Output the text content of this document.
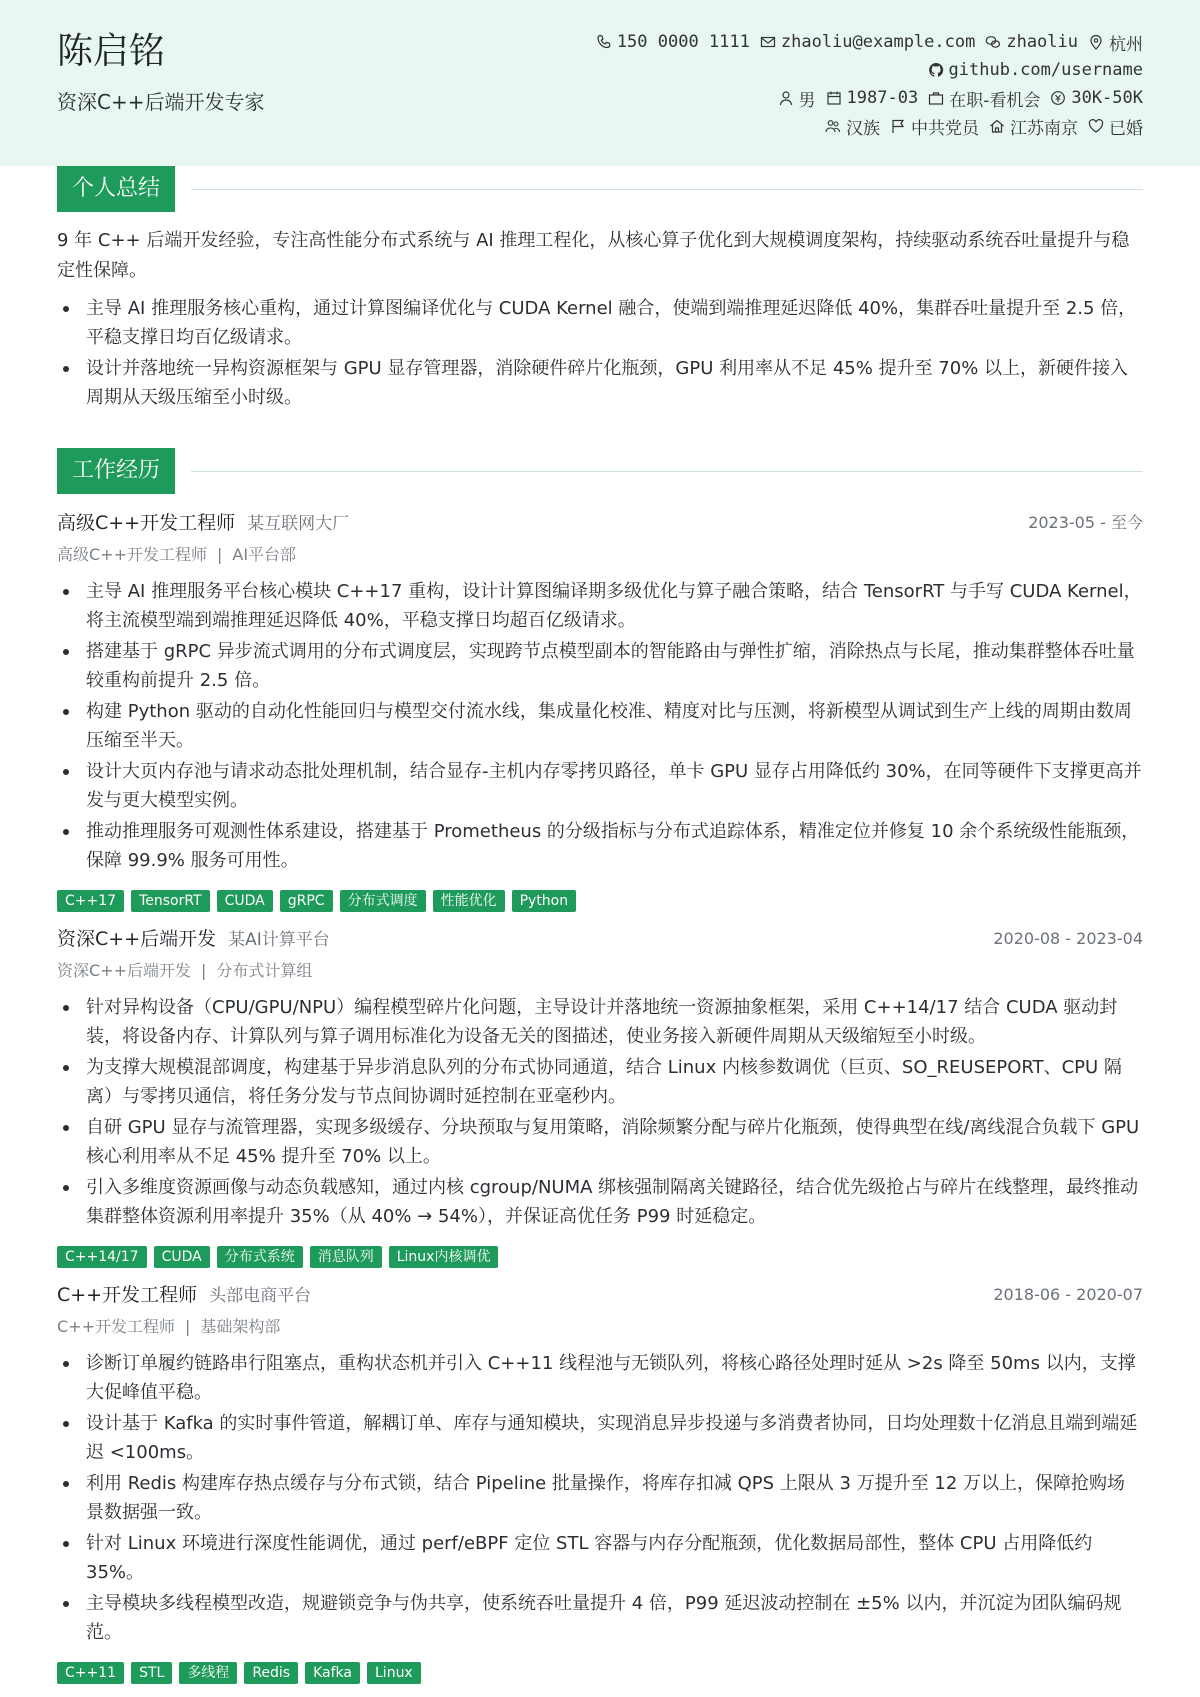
陈启铭
资深C++后端开发专家
150 0000 1111 zhaoliu@example.com zhaoliu 杭州
github.com/username
男 1987-03 在职-看机会 30K-50K
汉族 中共党员 江苏南京 已婚
个人总结
9 年 C++ 后端开发经验，专注高性能分布式系统与 AI 推理工程化，从核心算子优化到大规模调度架构，持续驱动系统吞吐量提升与稳定性保障。
主导 AI 推理服务核心重构，通过计算图编译优化与 CUDA Kernel 融合，使端到端推理延迟降低 40%，集群吞吐量提升至 2.5 倍，平稳支撑日均百亿级请求。
设计并落地统一异构资源框架与 GPU 显存管理器，消除硬件碎片化瓶颈，GPU 利用率从不足 45% 提升至 70% 以上，新硬件接入周期从天级压缩至小时级。
工作经历
高级C++开发工程师 某互联网大厂	2023-05 - 至今
高级C++开发工程师 | AI平台部
主导 AI 推理服务平台核心模块 C++17 重构，设计计算图编译期多级优化与算子融合策略，结合 TensorRT 与手写 CUDA Kernel，将主流模型端到端推理延迟降低 40%，平稳支撑日均超百亿级请求。
搭建基于 gRPC 异步流式调用的分布式调度层，实现跨节点模型副本的智能路由与弹性扩缩，消除热点与长尾，推动集群整体吞吐量较重构前提升 2.5 倍。
构建 Python 驱动的自动化性能回归与模型交付流水线，集成量化校准、精度对比与压测，将新模型从调试到生产上线的周期由数周压缩至半天。
设计大页内存池与请求动态批处理机制，结合显存-主机内存零拷贝路径，单卡 GPU 显存占用降低约 30%，在同等硬件下支撑更高并发与更大模型实例。
推动推理服务可观测性体系建设，搭建基于 Prometheus 的分级指标与分布式追踪体系，精准定位并修复 10 余个系统级性能瓶颈，保障 99.9% 服务可用性。
C++17	TensorRT	CUDA	gRPC	分布式调度	性能优化	Python
资深C++后端开发 某AI计算平台	2020-08 - 2023-04
资深C++后端开发 | 分布式计算组
针对异构设备（CPU/GPU/NPU）编程模型碎片化问题，主导设计并落地统一资源抽象框架，采用 C++14/17 结合 CUDA 驱动封装，将设备内存、计算队列与算子调用标准化为设备无关的图描述，使业务接入新硬件周期从天级缩短至小时级。
为支撑大规模混部调度，构建基于异步消息队列的分布式协同通道，结合 Linux 内核参数调优（巨页、SO_REUSEPORT、CPU 隔离）与零拷贝通信，将任务分发与节点间协调时延控制在亚毫秒内。
自研 GPU 显存与流管理器，实现多级缓存、分块预取与复用策略，消除频繁分配与碎片化瓶颈，使得典型在线/离线混合负载下 GPU 核心利用率从不足 45% 提升至 70% 以上。
引入多维度资源画像与动态负载感知，通过内核 cgroup/NUMA 绑核强制隔离关键路径，结合优先级抢占与碎片在线整理，最终推动集群整体资源利用率提升 35%（从 40% → 54%），并保证高优任务 P99 时延稳定。
C++14/17	CUDA	分布式系统	消息队列	Linux内核调优
C++开发工程师 头部电商平台	2018-06 - 2020-07
C++开发工程师 | 基础架构部
诊断订单履约链路串行阻塞点，重构状态机并引入 C++11 线程池与无锁队列，将核心路径处理时延从 >2s 降至 50ms 以内，支撑大促峰值平稳。
设计基于 Kafka 的实时事件管道，解耦订单、库存与通知模块，实现消息异步投递与多消费者协同，日均处理数十亿消息且端到端延迟 <100ms。
利用 Redis 构建库存热点缓存与分布式锁，结合 Pipeline 批量操作，将库存扣减 QPS 上限从 3 万提升至 12 万以上，保障抢购场景数据强一致。
针对 Linux 环境进行深度性能调优，通过 perf/eBPF 定位 STL 容器与内存分配瓶颈，优化数据局部性，整体 CPU 占用降低约 35%。
主导模块多线程模型改造，规避锁竞争与伪共享，使系统吞吐量提升 4 倍，P99 延迟波动控制在 ±5% 以内，并沉淀为团队编码规范。
C++11	STL	多线程	Redis	Kafka	Linux
